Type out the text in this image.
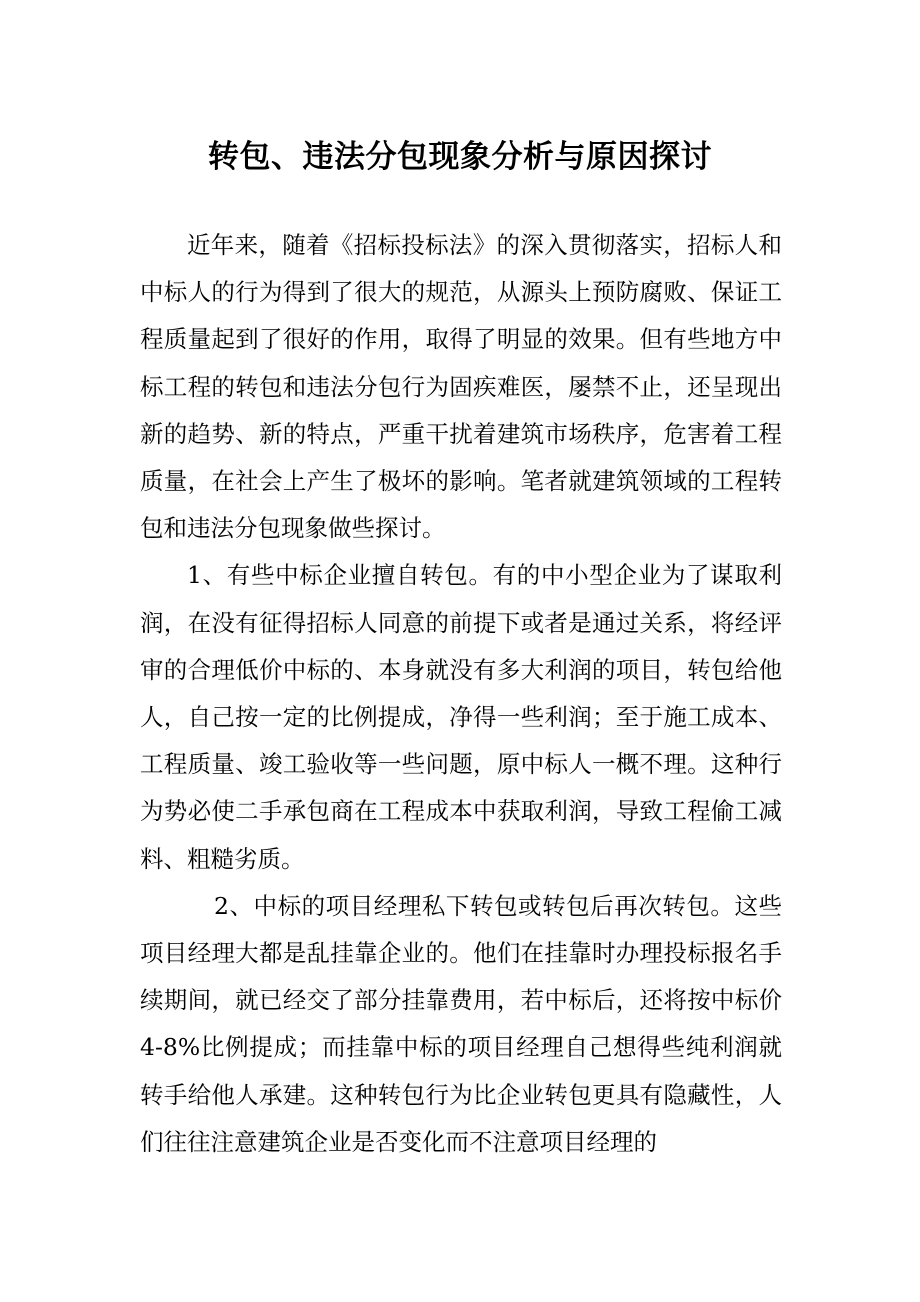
转包、违法分包现象分析与原因探讨

近年来，随着《招标投标法》的深入贯彻落实，招标人和中标人的行为得到了很大的规范，从源头上预防腐败、保证工程质量起到了很好的作用，取得了明显的效果。但有些地方中标工程的转包和违法分包行为固疾难医，屡禁不止，还呈现出新的趋势、新的特点，严重干扰着建筑市场秩序，危害着工程质量，在社会上产生了极坏的影响。笔者就建筑领域的工程转包和违法分包现象做些探讨。

1、有些中标企业擅自转包。有的中小型企业为了谋取利润，在没有征得招标人同意的前提下或者是通过关系，将经评审的合理低价中标的、本身就没有多大利润的项目，转包给他人，自己按一定的比例提成，净得一些利润；至于施工成本、工程质量、竣工验收等一些问题，原中标人一概不理。这种行为势必使二手承包商在工程成本中获取利润，导致工程偷工减料、粗糙劣质。

2、中标的项目经理私下转包或转包后再次转包。这些项目经理大都是乱挂靠企业的。他们在挂靠时办理投标报名手续期间，就已经交了部分挂靠费用，若中标后，还将按中标价 4-8%比例提成；而挂靠中标的项目经理自己想得些纯利润就转手给他人承建。这种转包行为比企业转包更具有隐藏性，人们往往注意建筑企业是否变化而不注意项目经理的
